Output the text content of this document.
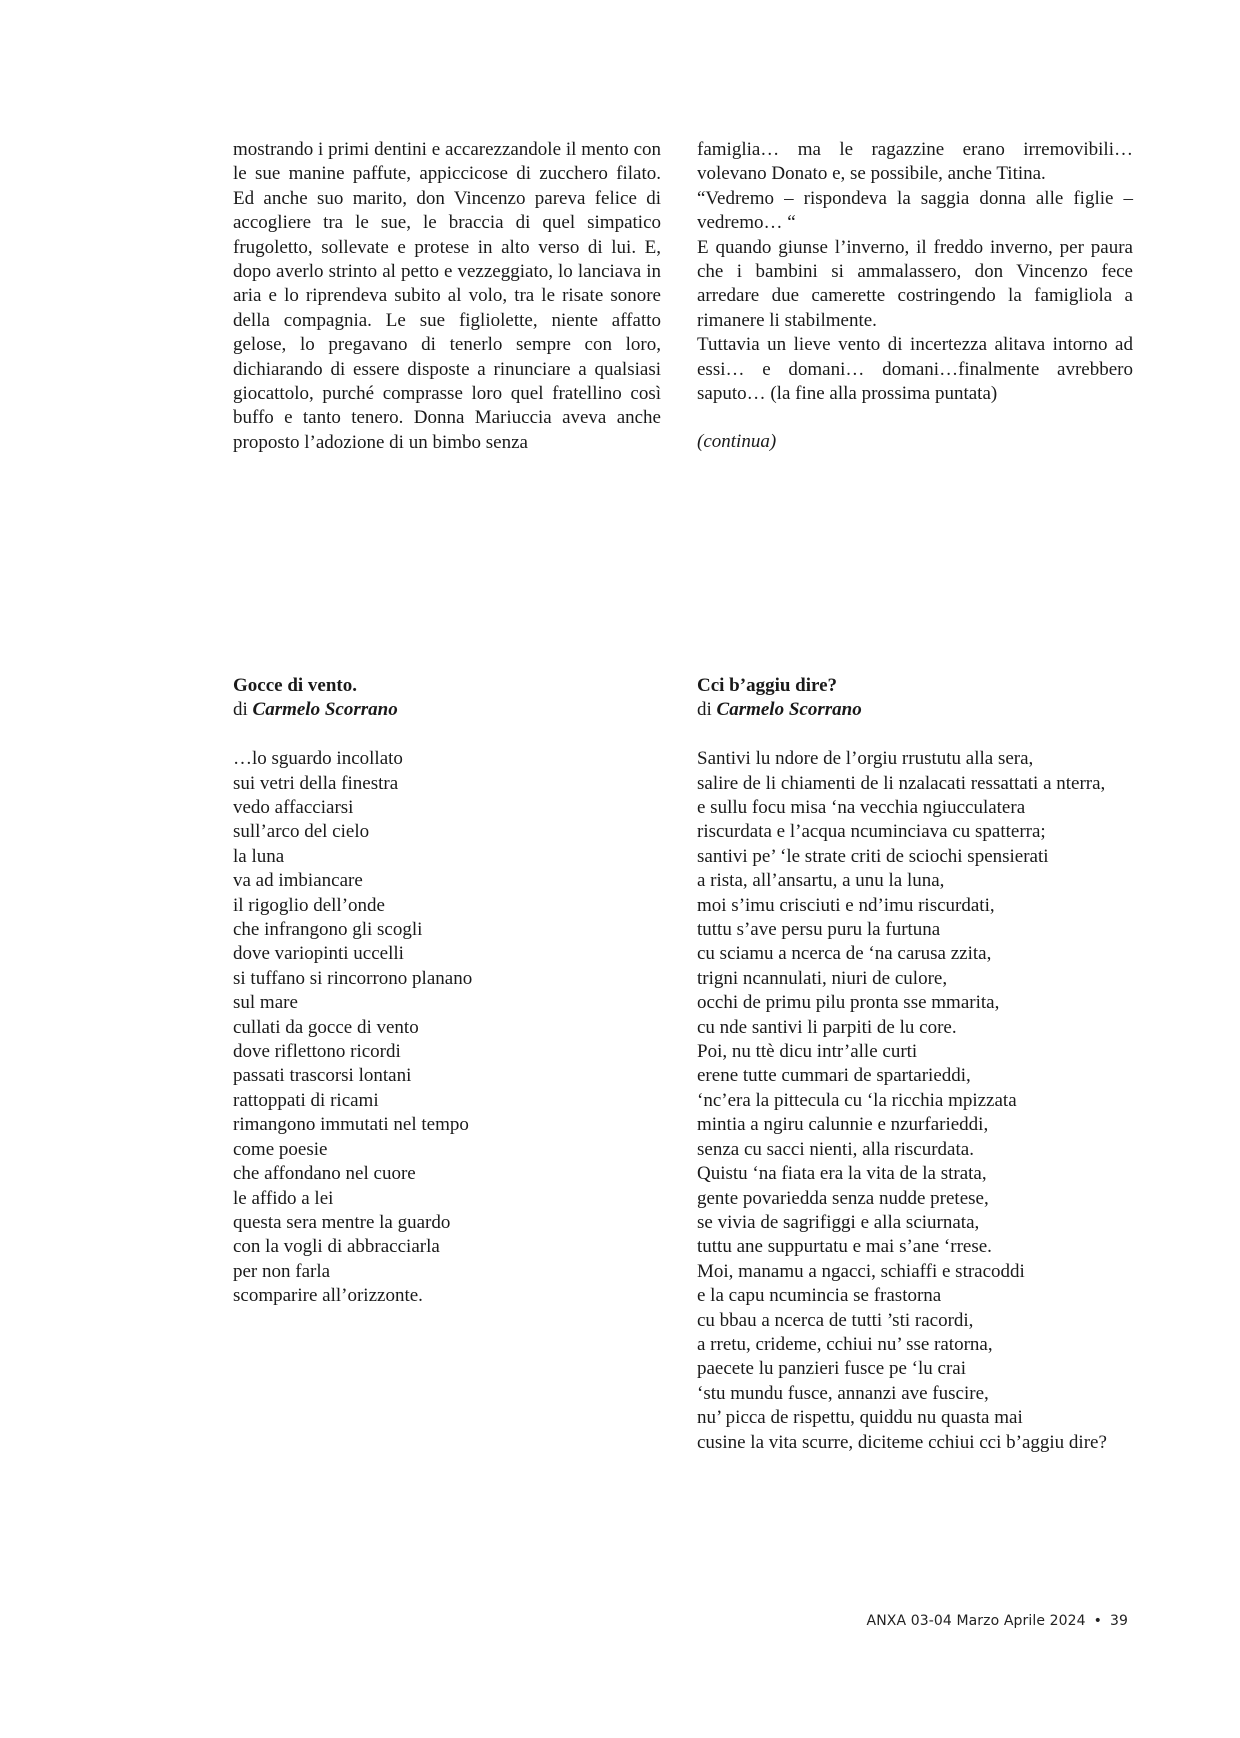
mostrando i primi dentini e accarezzandole il mento con le sue manine paffute, appiccicose di zucchero filato. Ed anche suo marito, don Vincenzo pareva felice di accogliere tra le sue, le braccia di quel simpatico frugoletto, sollevate e protese in alto verso di lui. E, dopo averlo strinto al petto e vezzeggiato, lo lanciava in aria e lo riprendeva subito al volo, tra le risate sonore della compagnia. Le sue figliolette, niente affatto gelose, lo pregavano di tenerlo sempre con loro, dichiarando di essere disposte a rinunciare a qualsiasi giocattolo, purché comprasse loro quel fratellino così buffo e tanto tenero. Donna Mariuccia aveva anche proposto l’adozione di un bimbo senza

famiglia… ma le ragazzine erano irremovibili… volevano Donato e, se possibile, anche Titina.

“Vedremo – rispondeva la saggia donna alle figlie – vedremo… “

E quando giunse l’inverno, il freddo inverno, per paura che i bambini si ammalassero, don Vincenzo fece arredare due camerette costringendo la famigliola a rimanere li stabilmente.

Tuttavia un lieve vento di incertezza alitava intorno ad essi… e domani… domani…finalmente avrebbero saputo… (la fine alla prossima puntata)

(continua)

Gocce di vento.
di Carmelo Scorrano
…lo sguardo incollato
sui vetri della finestra
vedo affacciarsi
sull’arco del cielo
la luna
va ad imbiancare
il rigoglio dell’onde
che infrangono gli scogli
dove variopinti uccelli
si tuffano si rincorrono planano
sul mare
cullati da gocce di vento
dove riflettono ricordi
passati trascorsi lontani
rattoppati di ricami
rimangono immutati nel tempo
come poesie
che affondano nel cuore
le affido a lei
questa sera mentre la guardo
con la vogli di abbracciarla
per non farla
scomparire all’orizzonte.
Cci b’aggiu dire?
di Carmelo Scorrano
Santivi lu ndore de l’orgiu rrustutu alla sera,
salire de li chiamenti de li nzalacati ressattati a nterra,
e sullu focu misa ‘na vecchia ngiucculatera
riscurdata e l’acqua ncuminciava cu spatterra;
santivi pe’ ‘le strate criti de sciochi spensierati
a rista, all’ansartu, a unu la luna,
moi s’imu crisciuti e nd’imu riscurdati,
tuttu s’ave persu puru la furtuna
cu sciamu a ncerca de ‘na carusa zzita,
trigni ncannulati, niuri de culore,
occhi de primu pilu pronta sse mmarita,
cu nde santivi li parpiti de lu core.
Poi, nu ttè dicu intr’alle curti
erene tutte cummari de spartarieddi,
‘nc’era la pittecula cu ‘la ricchia mpizzata
mintia a ngiru calunnie e nzurfarieddi,
senza cu sacci nienti, alla riscurdata.
Quistu ‘na fiata era la vita de la strata,
gente povariedda senza nudde pretese,
se vivia de sagrifiggi e alla sciurnata,
tuttu ane suppurtatu e mai s’ane ‘rrese.
Moi, manamu a ngacci, schiaffi e stracoddi
e la capu ncumincia se frastorna
cu bbau a ncerca de tutti ’sti racordi,
a rretu, crideme, cchiui nu’ sse ratorna,
paecete lu panzieri fusce pe ‘lu crai
‘stu mundu fusce, annanzi ave fuscire,
nu’ picca de rispettu, quiddu nu quasta mai
cusine la vita scurre, diciteme cchiui cci b’aggiu dire?
ANXA 03-04 Marzo Aprile 2024 • 39
